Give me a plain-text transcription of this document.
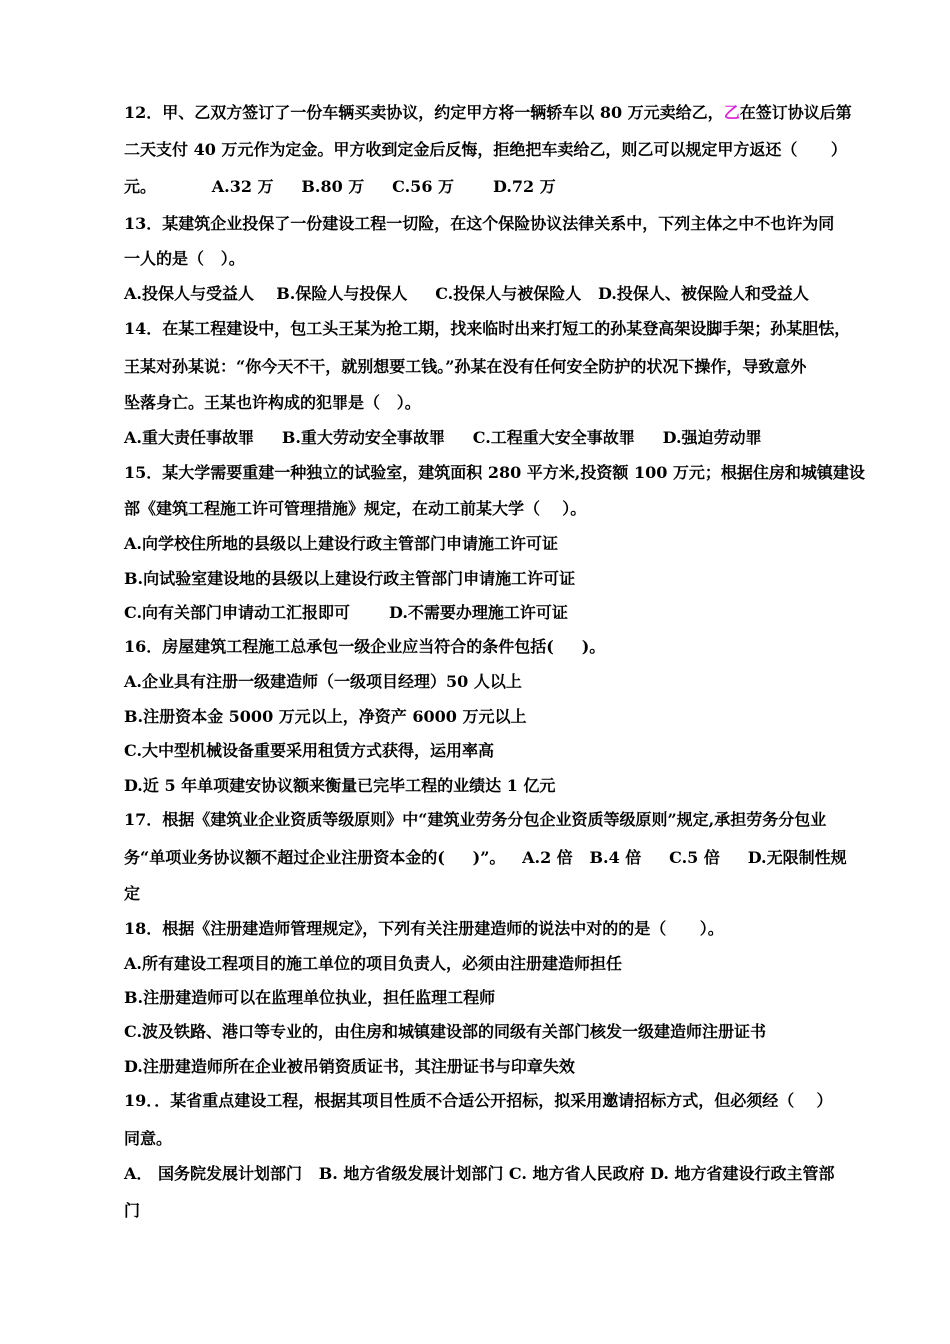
12．甲、乙双方签订了一份车辆买卖协议，约定甲方将一辆轿车以 80 万元卖给乙，乙在签订协议后第
二天支付 40 万元作为定金。甲方收到定金后反悔，拒绝把车卖给乙，则乙可以规定甲方返还（      ）
元。          A.32 万     B.80 万     C.56 万       D.72 万
13．某建筑企业投保了一份建设工程一切险，在这个保险协议法律关系中，下列主体之中不也许为同
一人的是（   ）。
A.投保人与受益人    B.保险人与投保人     C.投保人与被保险人   D.投保人、被保险人和受益人
14．在某工程建设中，包工头王某为抢工期，找来临时出来打短工的孙某登高架设脚手架；孙某胆怯，
王某对孙某说：“你今天不干，就别想要工钱。”孙某在没有任何安全防护的状况下操作，导致意外
坠落身亡。王某也许构成的犯罪是（   ）。
A.重大责任事故罪     B.重大劳动安全事故罪     C.工程重大安全事故罪     D.强迫劳动罪
15．某大学需要重建一种独立的试验室，建筑面积 280 平方米,投资额 100 万元；根据住房和城镇建设
部《建筑工程施工许可管理措施》规定，在动工前某大学（    ）。
A.向学校住所地的县级以上建设行政主管部门申请施工许可证
B.向试验室建设地的县级以上建设行政主管部门申请施工许可证
C.向有关部门申请动工汇报即可       D.不需要办理施工许可证
16．房屋建筑工程施工总承包一级企业应当符合的条件包括(     )。
A.企业具有注册一级建造师（一级项目经理）50 人以上
B.注册资本金 5000 万元以上，净资产 6000 万元以上
C.大中型机械设备重要采用租赁方式获得，运用率高
D.近 5 年单项建安协议额来衡量已完毕工程的业绩达 1 亿元
17．根据《建筑业企业资质等级原则》中“建筑业劳务分包企业资质等级原则”规定,承担劳务分包业
务“单项业务协议额不超过企业注册资本金的(     )”。   A.2 倍   B.4 倍     C.5 倍     D.无限制性规
定
18．根据《注册建造师管理规定》，下列有关注册建造师的说法中对的的是（      ）。
A.所有建设工程项目的施工单位的项目负责人，必须由注册建造师担任
B.注册建造师可以在监理单位执业，担任监理工程师
C.波及铁路、港口等专业的，由住房和城镇建设部的同级有关部门核发一级建造师注册证书
D.注册建造师所在企业被吊销资质证书，其注册证书与印章失效
19．．某省重点建设工程，根据其项目性质不合适公开招标，拟采用邀请招标方式，但必须经（    ）
同意。
A． 国务院发展计划部门   B. 地方省级发展计划部门 C. 地方省人民政府 D. 地方省建设行政主管部
门
